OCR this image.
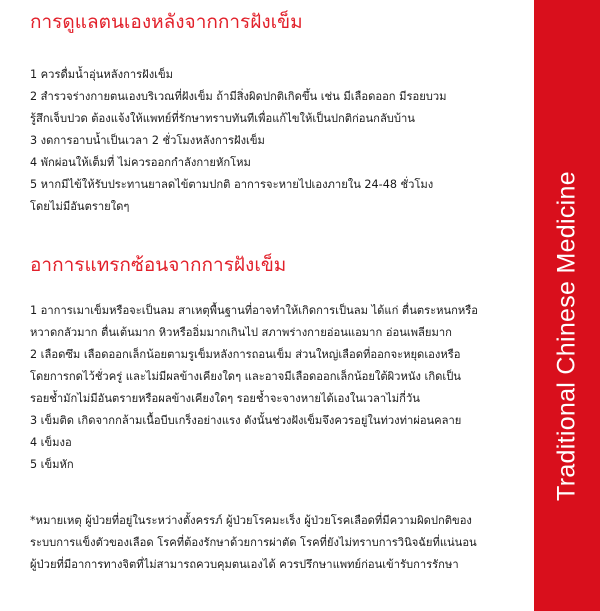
การดูแลตนเองหลังจากการฝังเข็ม

1 ควรดื่มน้ำอุ่นหลังการฝังเข็ม

2 สำรวจร่างกายตนเองบริเวณที่ฝังเข็ม ถ้ามีสิ่งผิดปกติเกิดขึ้น เช่น มีเลือดออก มีรอยบวม

รู้สึกเจ็บปวด ต้องแจ้งให้แพทย์ที่รักษาทราบทันทีเพื่อแก้ไขให้เป็นปกติก่อนกลับบ้าน

3 งดการอาบน้ำเป็นเวลา 2 ชั่วโมงหลังการฝังเข็ม

4 พักผ่อนให้เต็มที่ ไม่ควรออกกำลังกายหักโหม

5 หากมีไข้ให้รับประทานยาลดไข้ตามปกติ อาการจะหายไปเองภายใน 24-48 ชั่วโมง

โดยไม่มีอันตรายใดๆ

อาการแทรกซ้อนจากการฝังเข็ม

1 อาการเมาเข็มหรือจะเป็นลม สาเหตุพื้นฐานที่อาจทำให้เกิดการเป็นลม ได้แก่ ตื่นตระหนกหรือ

หวาดกลัวมาก ตื่นเต้นมาก หิวหรืออิ่มมากเกินไป สภาพร่างกายอ่อนแอมาก อ่อนเพลียมาก

2 เลือดซึม เลือดออกเล็กน้อยตามรูเข็มหลังการถอนเข็ม ส่วนใหญ่เลือดที่ออกจะหยุดเองหรือ

โดยการกดไว้ชั่วครู่ และไม่มีผลข้างเคียงใดๆ และอาจมีเลือดออกเล็กน้อยใต้ผิวหนัง เกิดเป็น

รอยช้ำมักไม่มีอันตรายหรือผลข้างเคียงใดๆ รอยช้ำจะจางหายได้เองในเวลาไม่กี่วัน

3 เข็มติด เกิดจากกล้ามเนื้อบีบเกร็งอย่างแรง ดังนั้นช่วงฝังเข็มจึงควรอยู่ในท่วงท่าผ่อนคลาย

4 เข็มงอ

5 เข็มหัก

*หมายเหตุ ผู้ป่วยที่อยู่ในระหว่างตั้งครรภ์ ผู้ป่วยโรคมะเร็ง ผู้ป่วยโรคเลือดที่มีความผิดปกติของ

ระบบการแข็งตัวของเลือด โรคที่ต้องรักษาด้วยการผ่าตัด โรคที่ยังไม่ทราบการวินิจฉัยที่แน่นอน

ผู้ป่วยที่มีอาการทางจิตที่ไม่สามารถควบคุมตนเองได้ ควรปรึกษาแพทย์ก่อนเข้ารับการรักษา

Traditional Chinese Medicine
